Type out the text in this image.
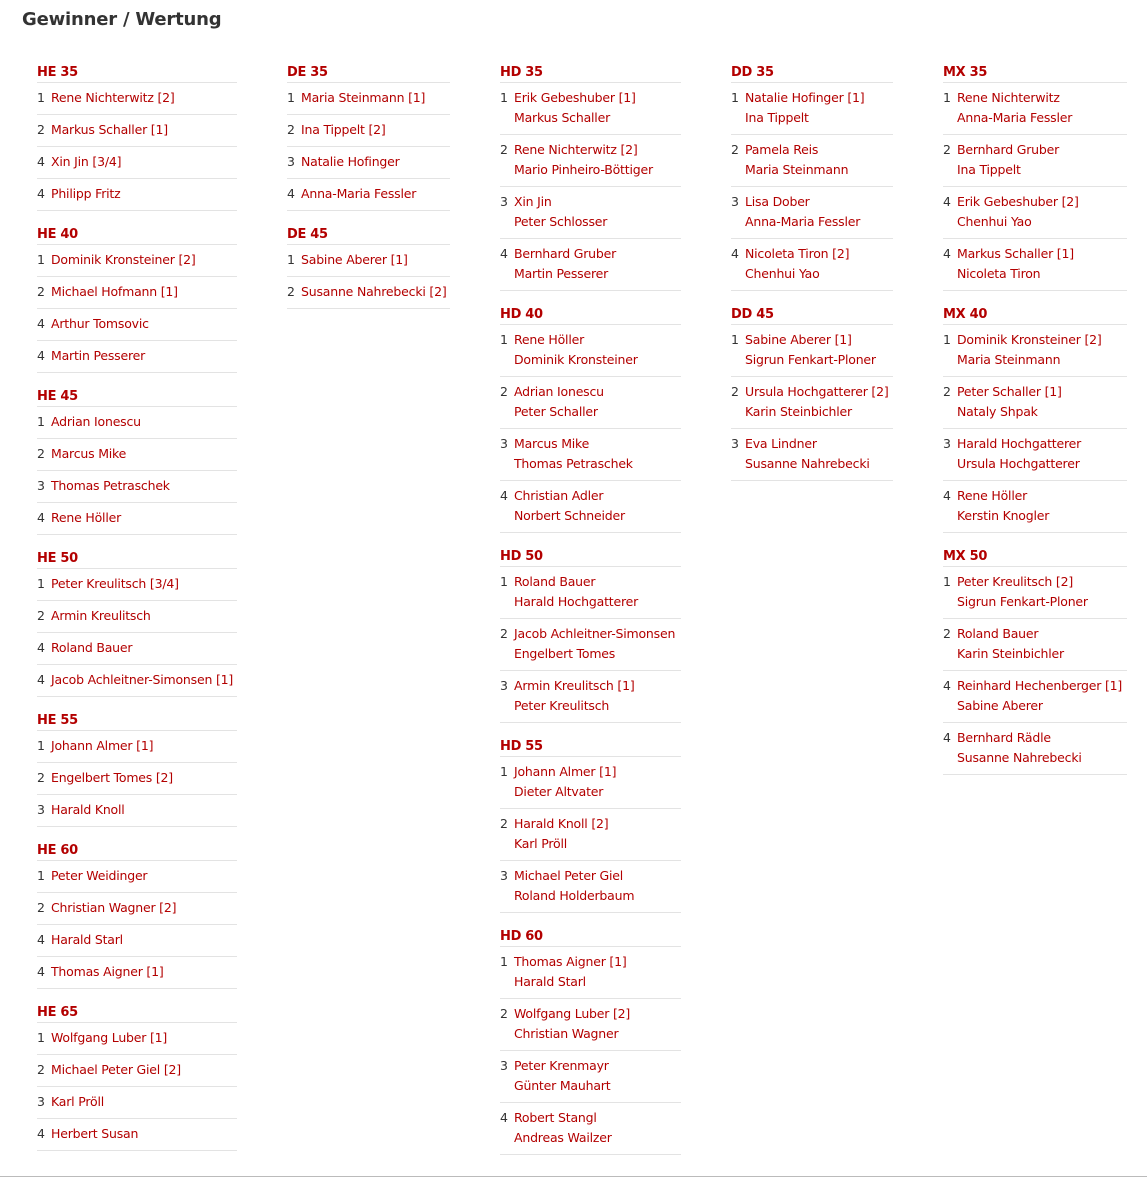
Gewinner / Wertung
HE 35
1 Rene Nichterwitz [2]
2 Markus Schaller [1]
4 Xin Jin [3/4]
4 Philipp Fritz
HE 40
1 Dominik Kronsteiner [2]
2 Michael Hofmann [1]
4 Arthur Tomsovic
4 Martin Pesserer
HE 45
1 Adrian Ionescu
2 Marcus Mike
3 Thomas Petraschek
4 Rene Höller
HE 50
1 Peter Kreulitsch [3/4]
2 Armin Kreulitsch
4 Roland Bauer
4 Jacob Achleitner-Simonsen [1]
HE 55
1 Johann Almer [1]
2 Engelbert Tomes [2]
3 Harald Knoll
HE 60
1 Peter Weidinger
2 Christian Wagner [2]
4 Harald Starl
4 Thomas Aigner [1]
HE 65
1 Wolfgang Luber [1]
2 Michael Peter Giel [2]
3 Karl Pröll
4 Herbert Susan
DE 35
1 Maria Steinmann [1]
2 Ina Tippelt [2]
3 Natalie Hofinger
4 Anna-Maria Fessler
DE 45
1 Sabine Aberer [1]
2 Susanne Nahrebecki [2]
HD 35
1 Erik Gebeshuber [1]
Markus Schaller
2 Rene Nichterwitz [2]
Mario Pinheiro-Böttiger
3 Xin Jin
Peter Schlosser
4 Bernhard Gruber
Martin Pesserer
HD 40
1 Rene Höller
Dominik Kronsteiner
2 Adrian Ionescu
Peter Schaller
3 Marcus Mike
Thomas Petraschek
4 Christian Adler
Norbert Schneider
HD 50
1 Roland Bauer
Harald Hochgatterer
2 Jacob Achleitner-Simonsen
Engelbert Tomes
3 Armin Kreulitsch [1]
Peter Kreulitsch
HD 55
1 Johann Almer [1]
Dieter Altvater
2 Harald Knoll [2]
Karl Pröll
3 Michael Peter Giel
Roland Holderbaum
HD 60
1 Thomas Aigner [1]
Harald Starl
2 Wolfgang Luber [2]
Christian Wagner
3 Peter Krenmayr
Günter Mauhart
4 Robert Stangl
Andreas Wailzer
DD 35
1 Natalie Hofinger [1]
Ina Tippelt
2 Pamela Reis
Maria Steinmann
3 Lisa Dober
Anna-Maria Fessler
4 Nicoleta Tiron [2]
Chenhui Yao
DD 45
1 Sabine Aberer [1]
Sigrun Fenkart-Ploner
2 Ursula Hochgatterer [2]
Karin Steinbichler
3 Eva Lindner
Susanne Nahrebecki
MX 35
1 Rene Nichterwitz
Anna-Maria Fessler
2 Bernhard Gruber
Ina Tippelt
4 Erik Gebeshuber [2]
Chenhui Yao
4 Markus Schaller [1]
Nicoleta Tiron
MX 40
1 Dominik Kronsteiner [2]
Maria Steinmann
2 Peter Schaller [1]
Nataly Shpak
3 Harald Hochgatterer
Ursula Hochgatterer
4 Rene Höller
Kerstin Knogler
MX 50
1 Peter Kreulitsch [2]
Sigrun Fenkart-Ploner
2 Roland Bauer
Karin Steinbichler
4 Reinhard Hechenberger [1]
Sabine Aberer
4 Bernhard Rädle
Susanne Nahrebecki
